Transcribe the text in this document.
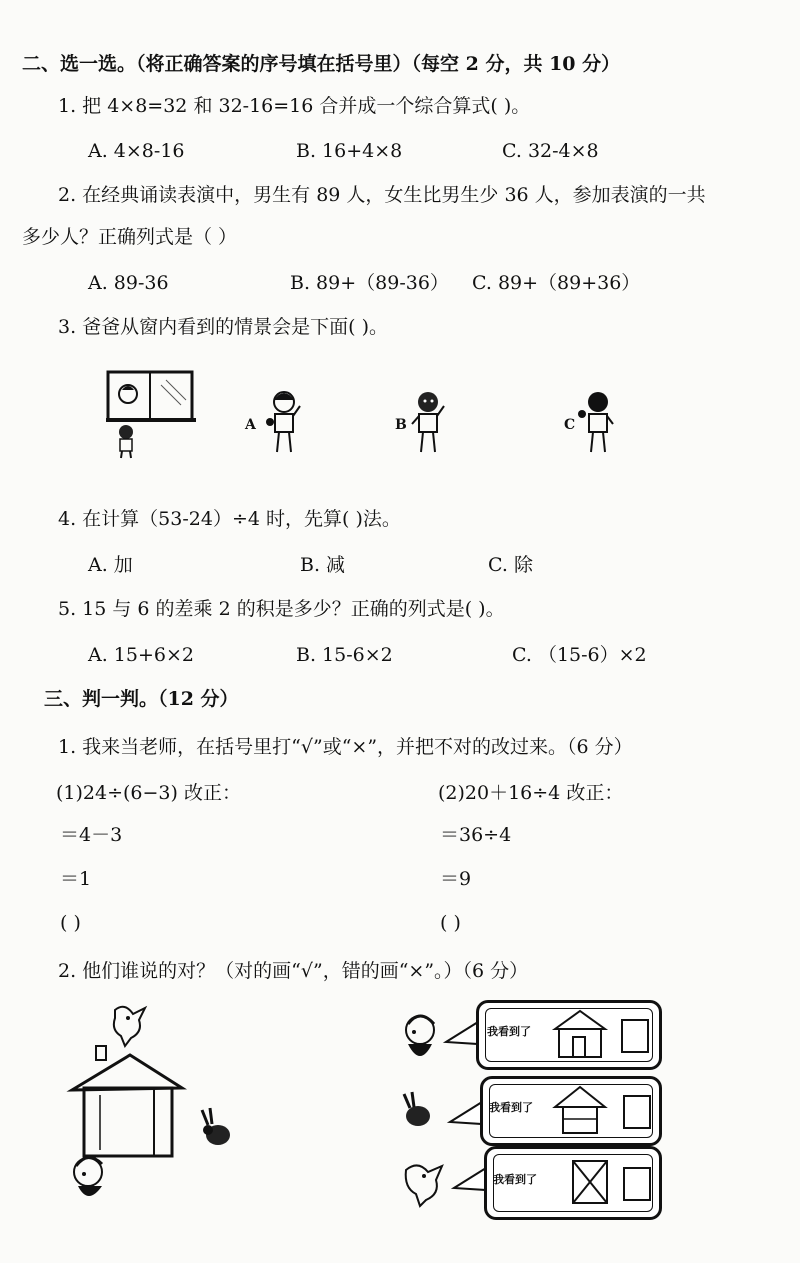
二、选一选。（将正确答案的序号填在括号里）（每空 2 分，共 10 分）
1. 把 4×8=32 和 32-16=16 合并成一个综合算式( )。
A. 4×8-16	B. 16+4×8	C. 32-4×8
2. 在经典诵读表演中，男生有 89 人，女生比男生少 36 人，参加表演的一共
多少人？正确列式是（ ）
A. 89-36	B. 89+（89-36） C. 89+（89+36）
3. 爸爸从窗内看到的情景会是下面( )。
A	B	C
4. 在计算（53-24）÷4 时，先算( )法。
A. 加	B. 减	C. 除
5. 15 与 6 的差乘 2 的积是多少？正确的列式是( )。
A. 15+6×2	B. 15-6×2	C. （15-6）×2
三、判一判。（12 分）
1. 我来当老师，在括号里打“√”或“×”，并把不对的改过来。（6 分）
(1)24÷(6−3) 改正：
＝4－3
＝1
( )
(2)20＋16÷4 改正：
＝36÷4
＝9
( )
2. 他们谁说的对？（对的画“√”，错的画“×”。）（6 分）
我看到了
我看到了
我看到了
